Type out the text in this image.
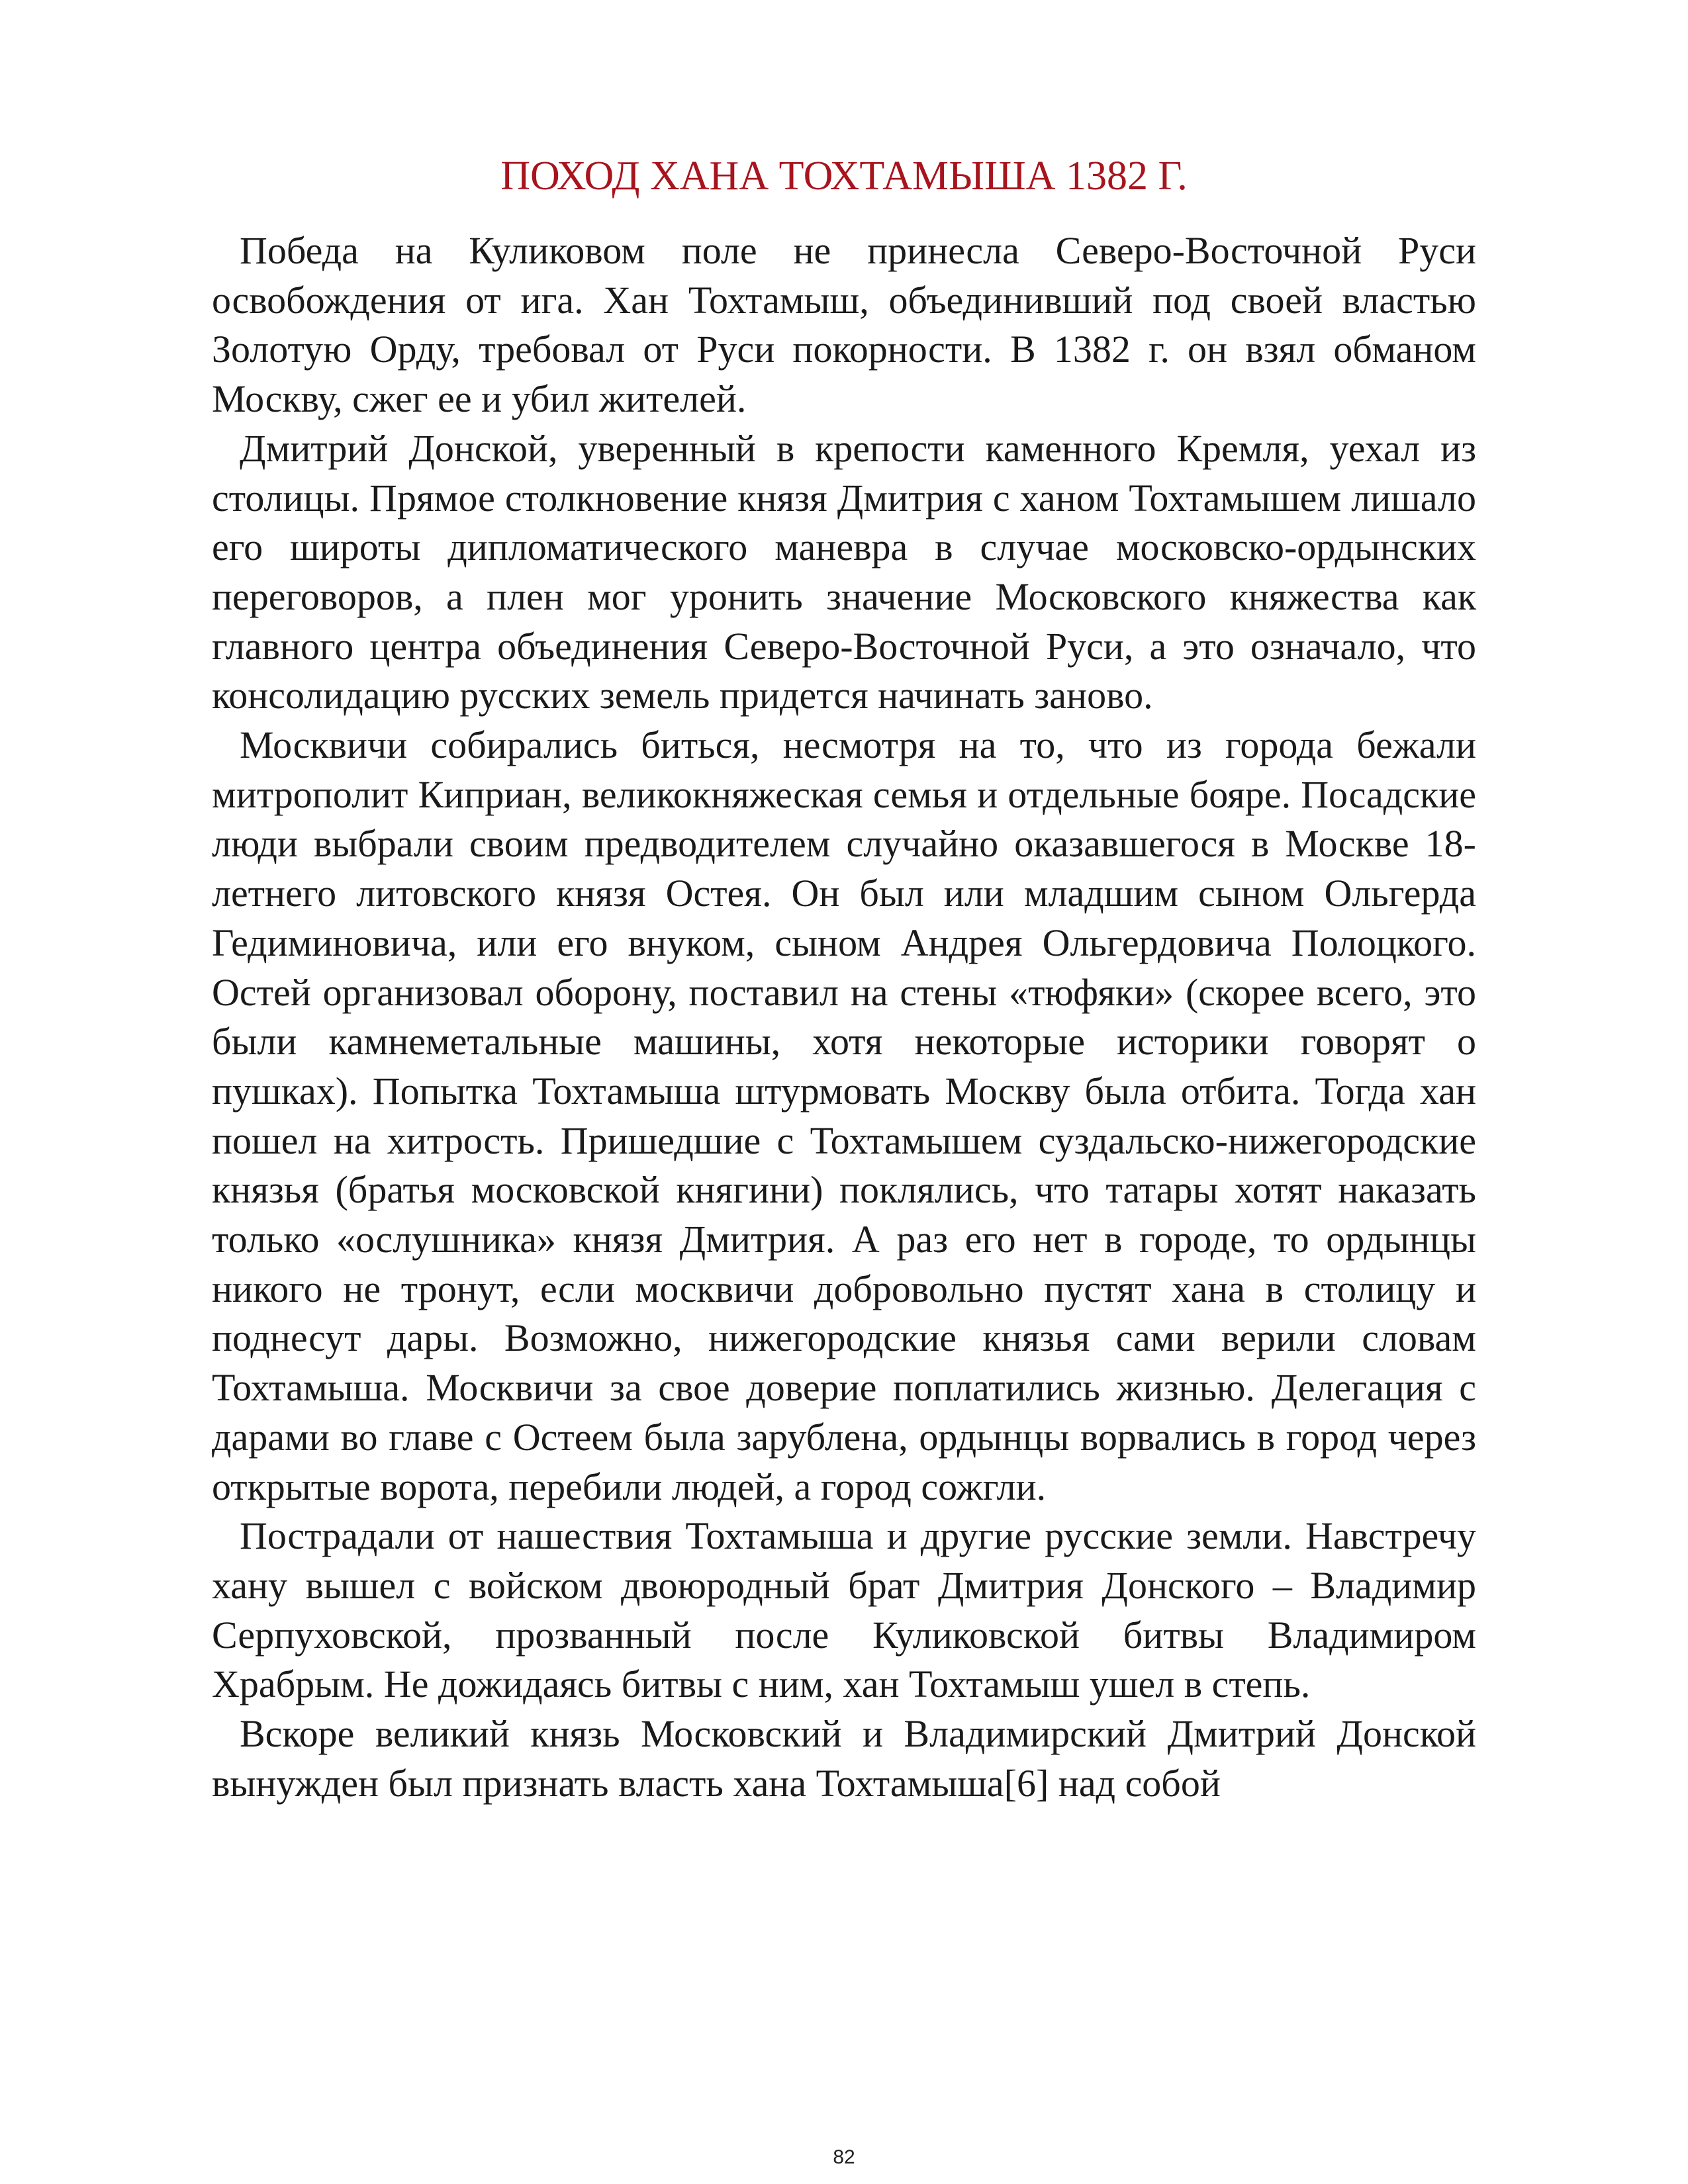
ПОХОД ХАНА ТОХТАМЫША 1382 Г.

Победа на Куликовом поле не принесла Северо-Восточной Руси освобождения от ига. Хан Тохтамыш, объединивший под своей властью Золотую Орду, требовал от Руси покорности. В 1382 г. он взял обманом Москву, сжег ее и убил жителей.

Дмитрий Донской, уверенный в крепости каменного Кремля, уехал из столицы. Прямое столкновение князя Дмитрия с ханом Тохтамышем лишало его широты дипломатического маневра в случае московско-ордынских переговоров, а плен мог уронить значение Московского княжества как главного центра объединения Северо-Восточной Руси, а это означало, что консолидацию русских земель придется начинать заново.

Москвичи собирались биться, несмотря на то, что из города бежали митрополит Киприан, великокняжеская семья и отдельные бояре. Посадские люди выбрали своим предводителем случайно оказавшегося в Москве 18-летнего литовского князя Остея. Он был или младшим сыном Ольгерда Гедиминовича, или его внуком, сыном Андрея Ольгердовича Полоцкого. Остей организовал оборону, поставил на стены «тюфяки» (скорее всего, это были камнеметальные машины, хотя некоторые историки говорят о пушках). Попытка Тохтамыша штурмовать Москву была отбита. Тогда хан пошел на хитрость. Пришедшие с Тохтамышем суздальско-нижегородские князья (братья московской княгини) поклялись, что татары хотят наказать только «ослушника» князя Дмитрия. А раз его нет в городе, то ордынцы никого не тронут, если москвичи добровольно пустят хана в столицу и поднесут дары. Возможно, нижегородские князья сами верили словам Тохтамыша. Москвичи за свое доверие поплатились жизнью. Делегация с дарами во главе с Остеем была зарублена, ордынцы ворвались в город через открытые ворота, перебили людей, а город сожгли.

Пострадали от нашествия Тохтамыша и другие русские земли. Навстречу хану вышел с войском двоюродный брат Дмитрия Донского – Владимир Серпуховской, прозванный после Куликовской битвы Владимиром Храбрым. Не дожидаясь битвы с ним, хан Тохтамыш ушел в степь.

Вскоре великий князь Московский и Владимирский Дмитрий Донской вынужден был признать власть хана Тохтамыша[6] над собой

82
